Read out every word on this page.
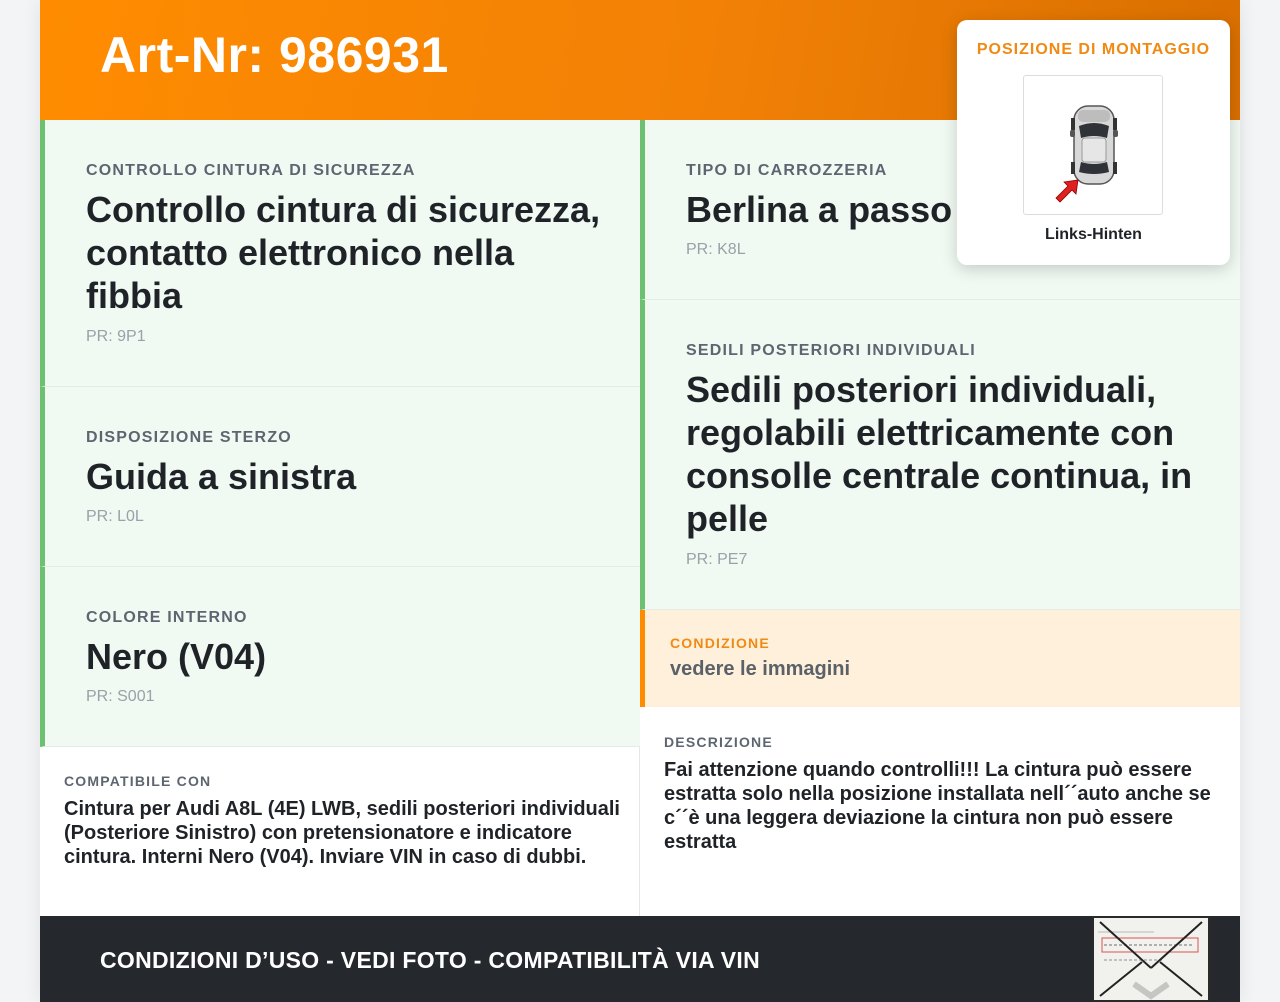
Art-Nr: 986931
CONTROLLO CINTURA DI SICUREZZA
Controllo cintura di sicurezza, contatto elettronico nella fibbia
PR: 9P1
DISPOSIZIONE STERZO
Guida a sinistra
PR: L0L
COLORE INTERNO
Nero (V04)
PR: S001
TIPO DI CARROZZERIA
Berlina a passo
PR: K8L
SEDILI POSTERIORI INDIVIDUALI
Sedili posteriori individuali, regolabili elettricamente con consolle centrale continua, in pelle
PR: PE7
CONDIZIONE
vedere le immagini
COMPATIBILE CON
Cintura per Audi A8L (4E) LWB, sedili posteriori individuali (Posteriore Sinistro) con pretensionatore e indicatore cintura. Interni Nero (V04). Inviare VIN in caso di dubbi.
DESCRIZIONE
Fai attenzione quando controlli!!! La cintura può essere estratta solo nella posizione installata nell´´auto anche se c´´è una leggera deviazione la cintura non può essere estratta
CONDIZIONI D’USO - VEDI FOTO - COMPATIBILITÀ VIA VIN
POSIZIONE DI MONTAGGIO
Links-Hinten
